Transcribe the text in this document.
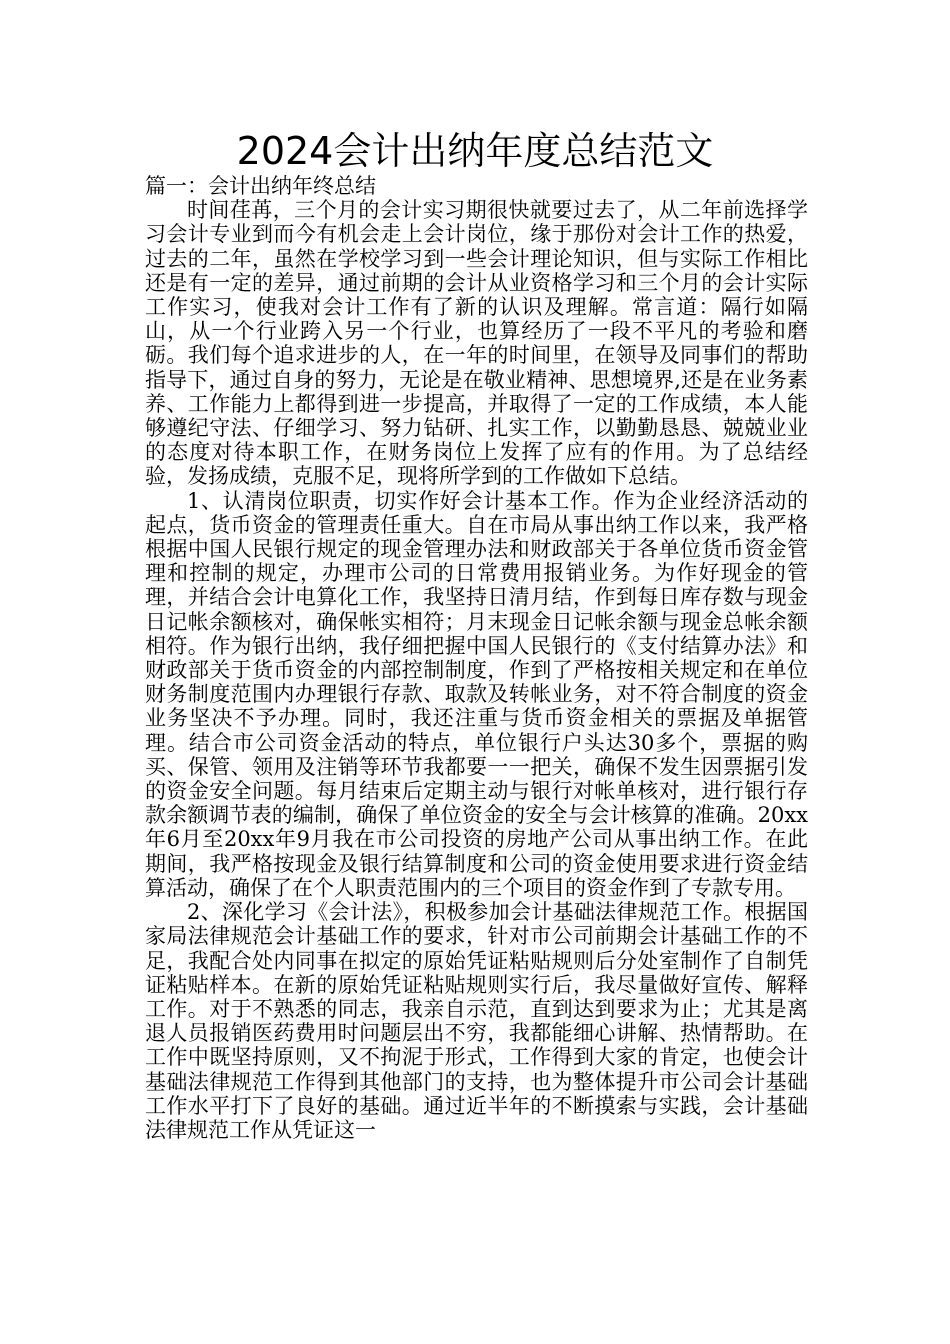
2024会计出纳年度总结范文

篇一：会计出纳年终总结

时间荏苒，三个月的会计实习期很快就要过去了，从二年前选择学习会计专业到而今有机会走上会计岗位，缘于那份对会计工作的热爱，过去的二年，虽然在学校学习到一些会计理论知识，但与实际工作相比还是有一定的差异，通过前期的会计从业资格学习和三个月的会计实际工作实习，使我对会计工作有了新的认识及理解。常言道：隔行如隔山，从一个行业跨入另一个行业，也算经历了一段不平凡的考验和磨砺。我们每个追求进步的人，在一年的时间里，在领导及同事们的帮助指导下，通过自身的努力，无论是在敬业精神、思想境界,还是在业务素养、工作能力上都得到进一步提高，并取得了一定的工作成绩，本人能够遵纪守法、仔细学习、努力钻研、扎实工作，以勤勤恳恳、兢兢业业的态度对待本职工作，在财务岗位上发挥了应有的作用。为了总结经验，发扬成绩，克服不足，现将所学到的工作做如下总结。

1、认清岗位职责，切实作好会计基本工作。作为企业经济活动的起点，货币资金的管理责任重大。自在市局从事出纳工作以来，我严格根据中国人民银行规定的现金管理办法和财政部关于各单位货币资金管理和控制的规定，办理市公司的日常费用报销业务。为作好现金的管理，并结合会计电算化工作，我坚持日清月结，作到每日库存数与现金日记帐余额核对，确保帐实相符；月末现金日记帐余额与现金总帐余额相符。作为银行出纳，我仔细把握中国人民银行的《支付结算办法》和财政部关于货币资金的内部控制制度，作到了严格按相关规定和在单位财务制度范围内办理银行存款、取款及转帐业务，对不符合制度的资金业务坚决不予办理。同时，我还注重与货币资金相关的票据及单据管理。结合市公司资金活动的特点，单位银行户头达30多个，票据的购买、保管、领用及注销等环节我都要一一把关，确保不发生因票据引发的资金安全问题。每月结束后定期主动与银行对帐单核对，进行银行存款余额调节表的编制，确保了单位资金的安全与会计核算的准确。20xx年6月至20xx年9月我在市公司投资的房地产公司从事出纳工作。在此期间，我严格按现金及银行结算制度和公司的资金使用要求进行资金结算活动，确保了在个人职责范围内的三个项目的资金作到了专款专用。

2、深化学习《会计法》，积极参加会计基础法律规范工作。根据国家局法律规范会计基础工作的要求，针对市公司前期会计基础工作的不足，我配合处内同事在拟定的原始凭证粘贴规则后分处室制作了自制凭证粘贴样本。在新的原始凭证粘贴规则实行后，我尽量做好宣传、解释工作。对于不熟悉的同志，我亲自示范，直到达到要求为止；尤其是离退人员报销医药费用时问题层出不穷，我都能细心讲解、热情帮助。在工作中既坚持原则，又不拘泥于形式，工作得到大家的肯定，也使会计基础法律规范工作得到其他部门的支持，也为整体提升市公司会计基础工作水平打下了良好的基础。通过近半年的不断摸索与实践，会计基础法律规范工作从凭证这一
